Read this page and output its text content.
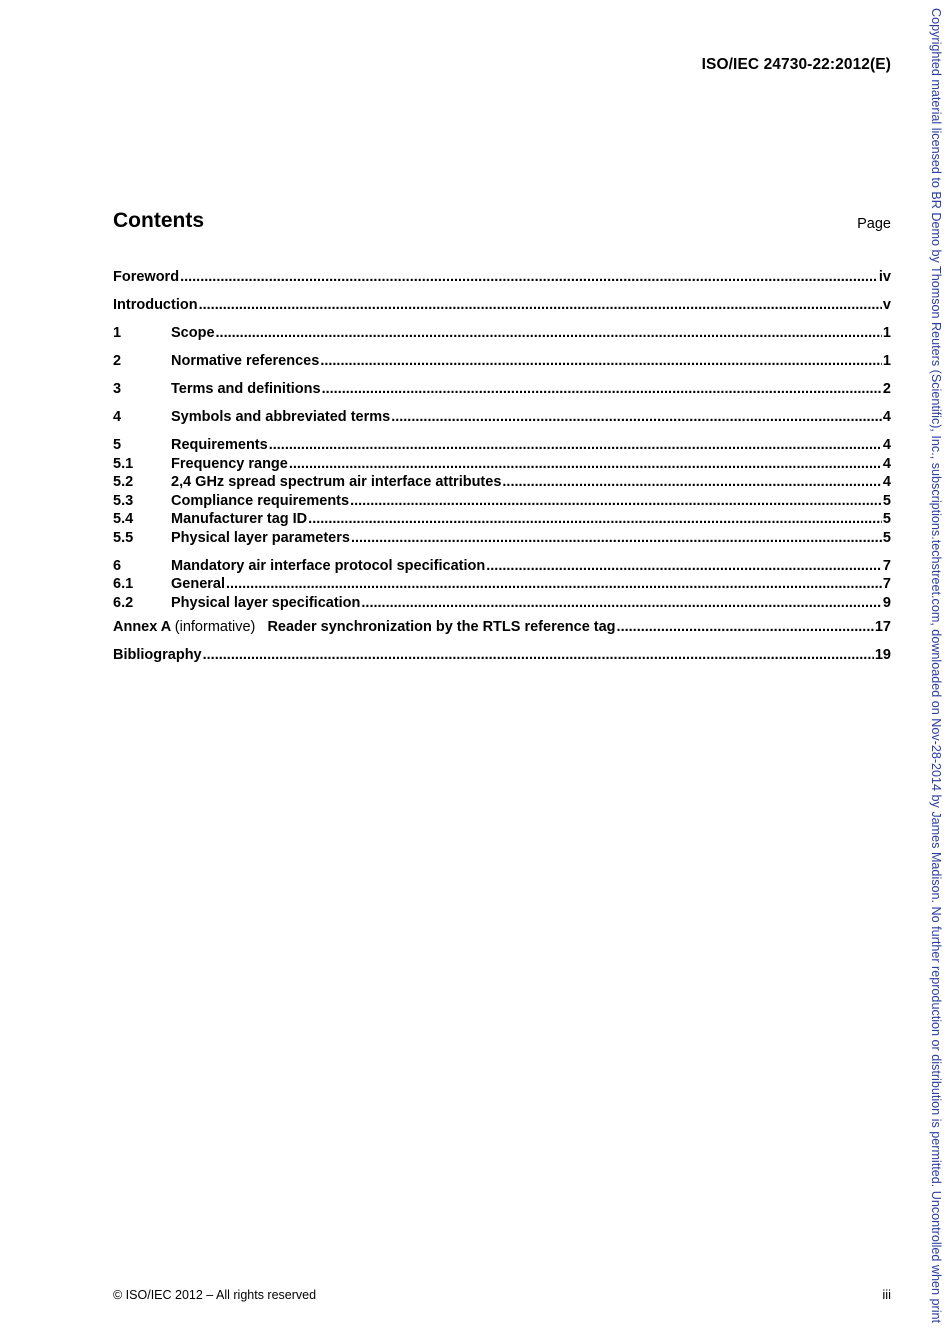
ISO/IEC 24730-22:2012(E)
Contents	Page
Foreword .....	iv
Introduction .....	v
1	Scope .....	1
2	Normative references .....	1
3	Terms and definitions .....	2
4	Symbols and abbreviated terms .....	4
5	Requirements .....	4
5.1	Frequency range .....	4
5.2	2,4 GHz spread spectrum air interface attributes .....	4
5.3	Compliance requirements .....	5
5.4	Manufacturer tag ID .....	5
5.5	Physical layer parameters .....	5
6	Mandatory air interface protocol specification .....	7
6.1	General .....	7
6.2	Physical layer specification .....	9
Annex A (informative) Reader synchronization by the RTLS reference tag .....	17
Bibliography .....	19
© ISO/IEC 2012 – All rights reserved	iii	Copyrighted material licensed to BR Demo by Thomson Reuters (Scientific), Inc., subscriptions.techstreet.com, downloaded on Nov-28-2014 by James Madison. No further reproduction or distribution is permitted. Uncontrolled when print
